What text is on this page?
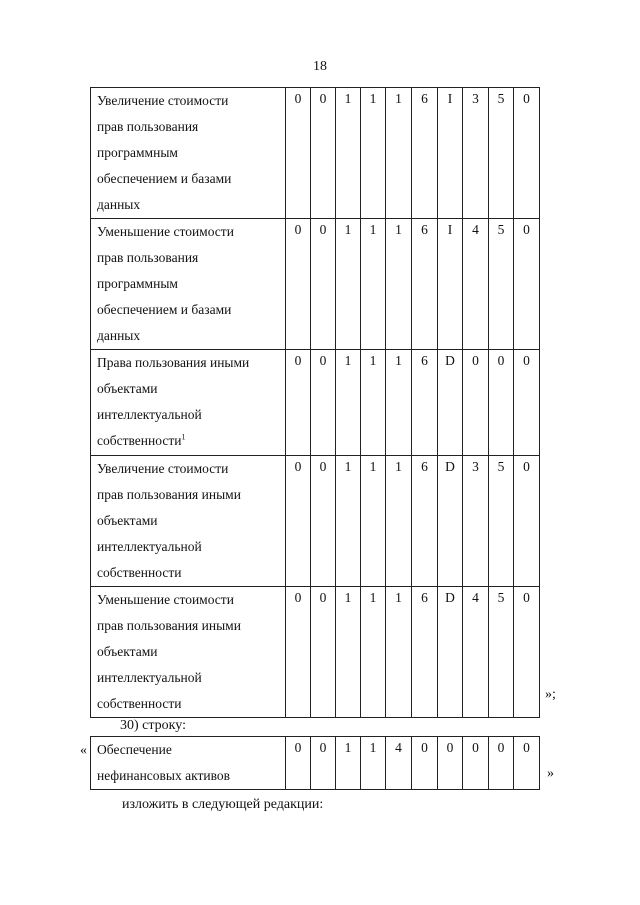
18
Увеличение стоимости
прав пользования
программным
обеспечением и базами
данных	0	0	1	1	1	6	I	3	5	0

Уменьшение стоимости
прав пользования
программным
обеспечением и базами
данных	0	0	1	1	1	6	I	4	5	0

Права пользования иными
объектами
интеллектуальной
собственности$^1$	0	0	1	1	1	6	D	0	0	0

Увеличение стоимости
прав пользования иными
объектами
интеллектуальной
собственности	0	0	1	1	1	6	D	3	5	0

Уменьшение стоимости
прав пользования иными
объектами
интеллектуальной
собственности	0	0	1	1	1	6	D	4	5	0
»;
30) строку:
« Обеспечение
нефинансовых активов
	0	0	1	1	4	0	0	0	0	0
»
изложить в следующей редакции:
